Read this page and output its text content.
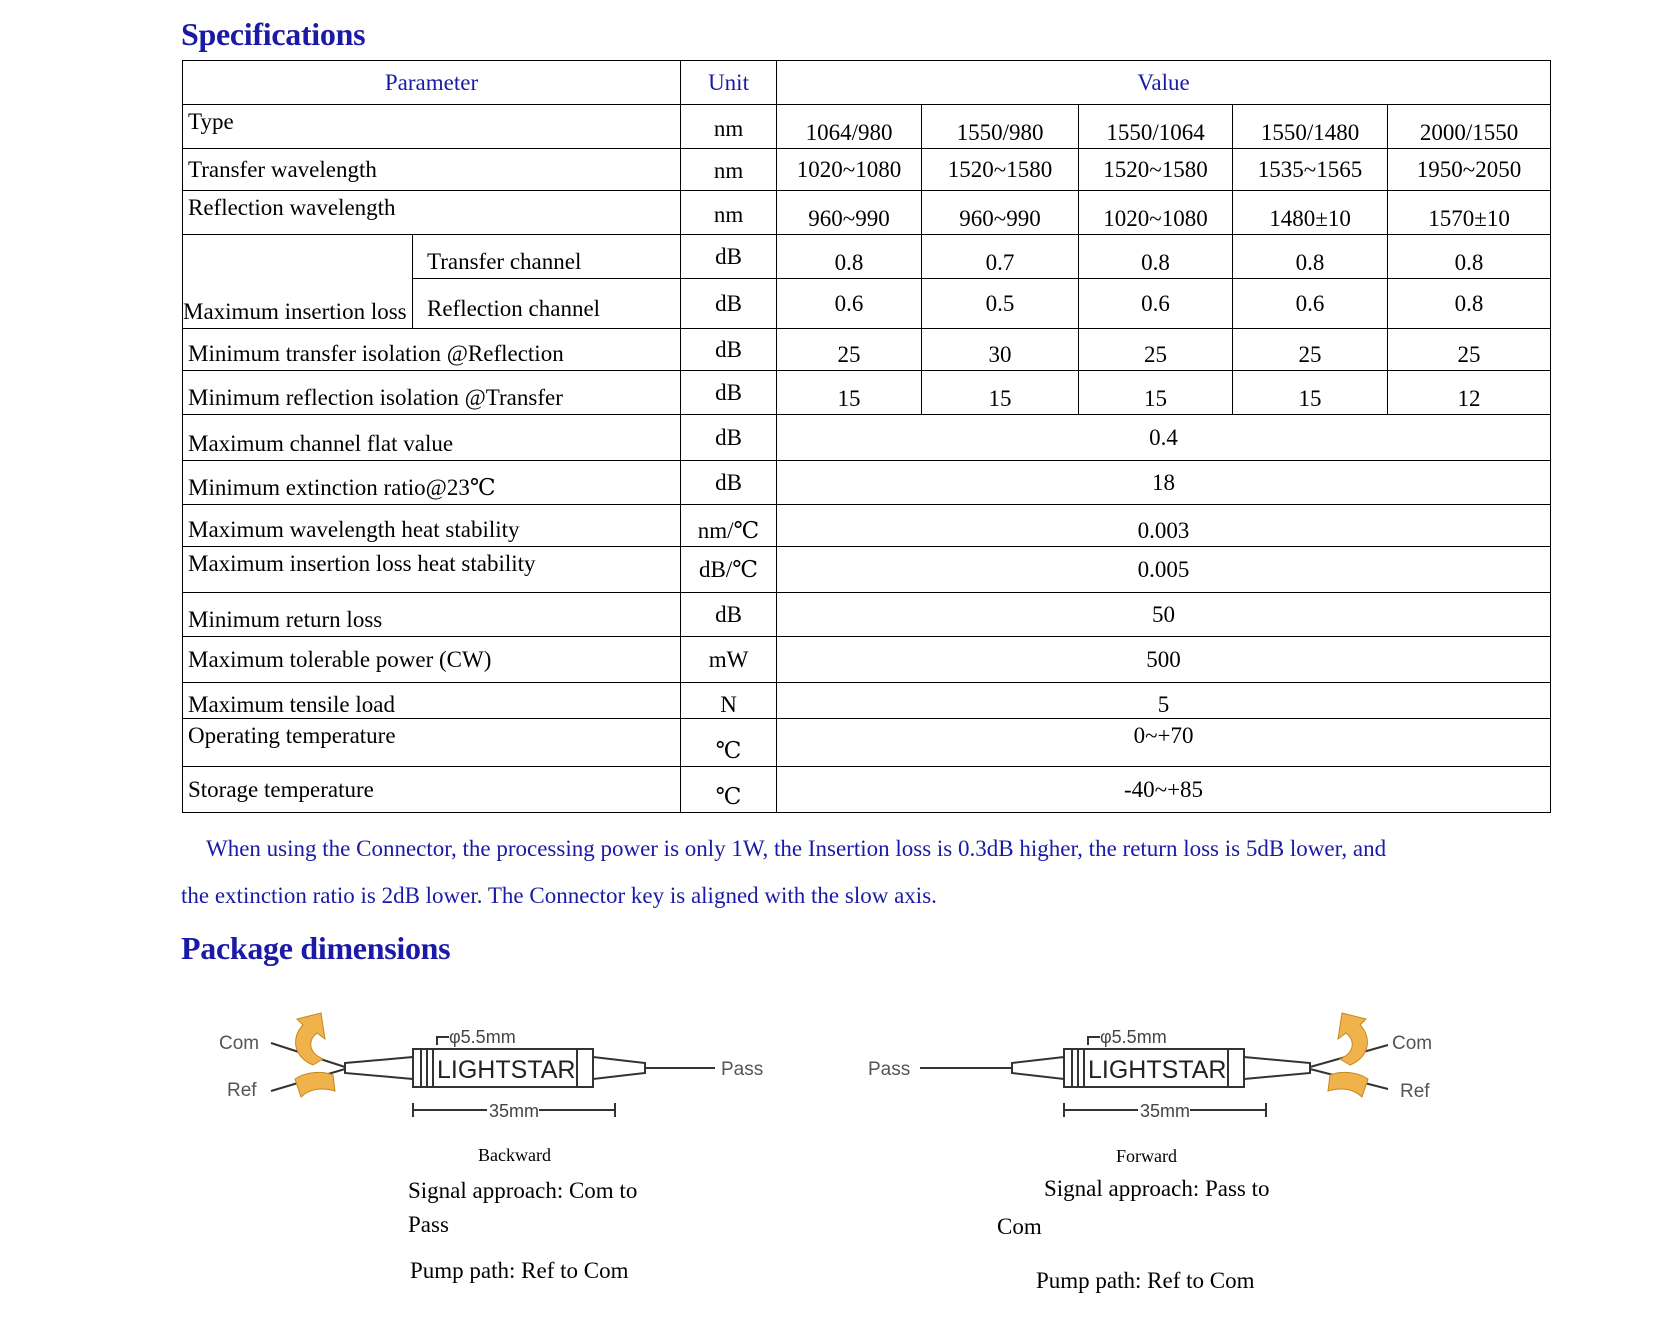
Specifications
Parameter		Unit	Value				
Type		nm	1064/980	1550/980	1550/1064	1550/1480	2000/1550
Transfer wavelength		nm	1020~1080	1520~1580	1520~1580	1535~1565	1950~2050
Reflection wavelength		nm	960~990	960~990	1020~1080	1480±10	1570±10
Maximum insertion loss	Transfer channel	dB	0.8	0.7	0.8	0.8	0.8
	Reflection channel	dB	0.6	0.5	0.6	0.6	0.8
Minimum transfer isolation @Reflection		dB	25	30	25	25	25
Minimum reflection isolation @Transfer		dB	15	15	15	15	12
Maximum channel flat value		dB	0.4				
Minimum extinction ratio@23℃		dB	18				
Maximum wavelength heat stability		nm/℃	0.003				
Maximum insertion loss heat stability		dB/℃	0.005				
Minimum return loss		dB	50				
Maximum tolerable power (CW)		mW	500				
Maximum tensile load		N	5				
Operating temperature		℃	0~+70				
Storage temperature		℃	-40~+85				
When using the Connector, the processing power is only 1W, the Insertion loss is 0.3dB higher, the return loss is 5dB lower, and
the extinction ratio is 2dB lower. The Connector key is aligned with the slow axis.
Package dimensions
Com
Ref
LIGHTSTAR	Pass
φ5.5mm
35mm
Pass	LIGHTSTAR
Com
Ref
φ5.5mm
35mm
Backward
Signal approach: Com to
Pass
Pump path: Ref to Com
Forward
Signal approach: Pass to
Com
Pump path: Ref to Com
